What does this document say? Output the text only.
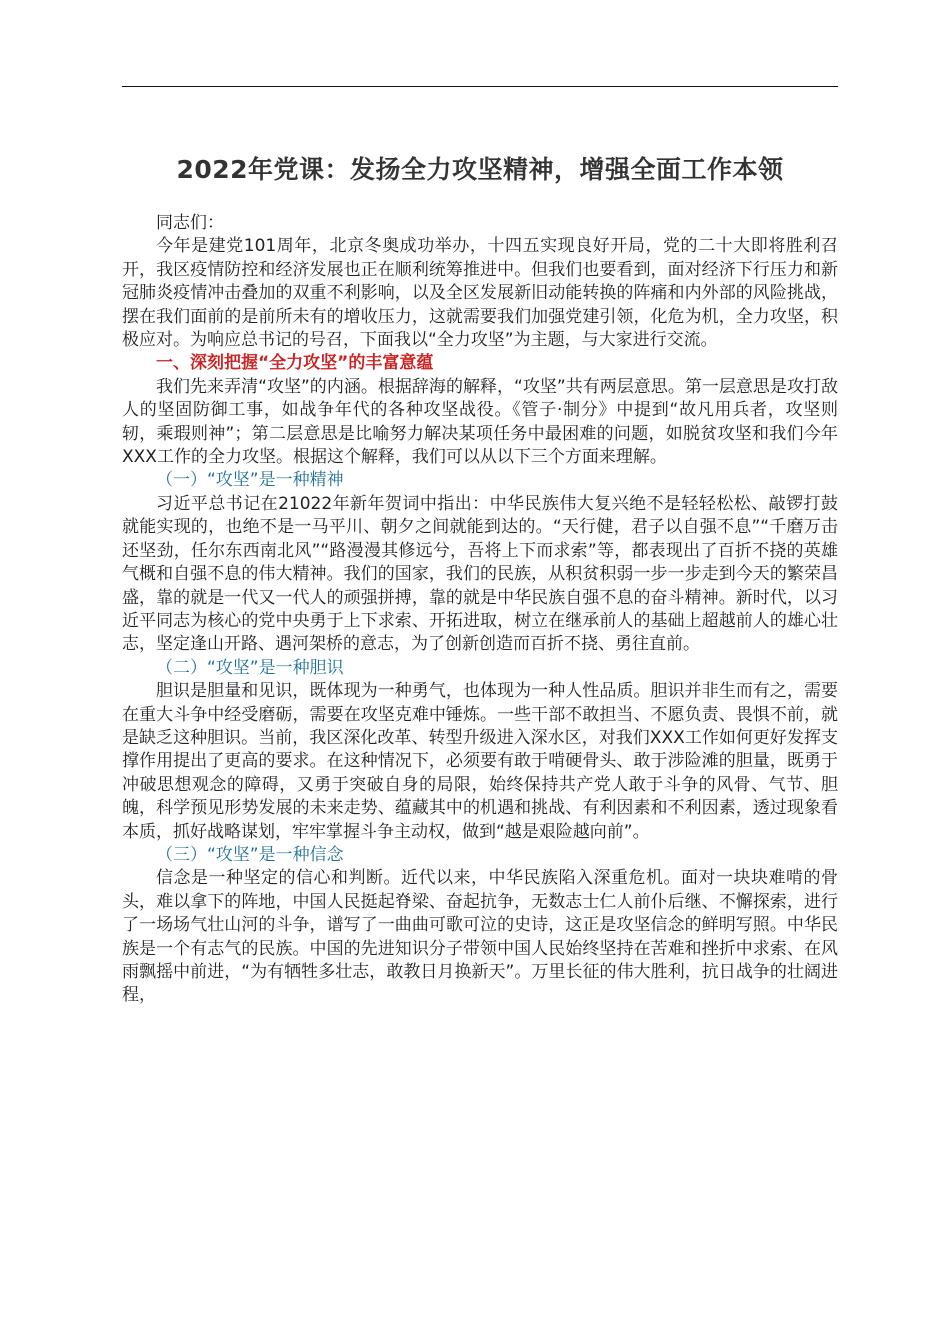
2022年党课：发扬全力攻坚精神，增强全面工作本领

同志们：

今年是建党101周年，北京冬奥成功举办，十四五实现良好开局，党的二十大即将胜利召开，我区疫情防控和经济发展也正在顺利统筹推进中。但我们也要看到，面对经济下行压力和新冠肺炎疫情冲击叠加的双重不利影响，以及全区发展新旧动能转换的阵痛和内外部的风险挑战，摆在我们面前的是前所未有的增收压力，这就需要我们加强党建引领，化危为机，全力攻坚，积极应对。为响应总书记的号召，下面我以“全力攻坚”为主题，与大家进行交流。

一、深刻把握“全力攻坚”的丰富意蕴

我们先来弄清“攻坚”的内涵。根据辞海的解释，“攻坚”共有两层意思。第一层意思是攻打敌人的坚固防御工事，如战争年代的各种攻坚战役。《管子·制分》中提到“故凡用兵者，攻坚则轫，乘瑕则神”；第二层意思是比喻努力解决某项任务中最困难的问题，如脱贫攻坚和我们今年XXX工作的全力攻坚。根据这个解释，我们可以从以下三个方面来理解。

（一）“攻坚”是一种精神

习近平总书记在21022年新年贺词中指出：中华民族伟大复兴绝不是轻轻松松、敲锣打鼓就能实现的，也绝不是一马平川、朝夕之间就能到达的。“天行健，君子以自强不息”“千磨万击还坚劲，任尔东西南北风”“路漫漫其修远兮，吾将上下而求索”等，都表现出了百折不挠的英雄气概和自强不息的伟大精神。我们的国家，我们的民族，从积贫积弱一步一步走到今天的繁荣昌盛，靠的就是一代又一代人的顽强拼搏，靠的就是中华民族自强不息的奋斗精神。新时代，以习近平同志为核心的党中央勇于上下求索、开拓进取，树立在继承前人的基础上超越前人的雄心壮志，坚定逢山开路、遇河架桥的意志，为了创新创造而百折不挠、勇往直前。

（二）“攻坚”是一种胆识

胆识是胆量和见识，既体现为一种勇气，也体现为一种人性品质。胆识并非生而有之，需要在重大斗争中经受磨砺，需要在攻坚克难中锤炼。一些干部不敢担当、不愿负责、畏惧不前，就是缺乏这种胆识。当前，我区深化改革、转型升级进入深水区，对我们XXX工作如何更好发挥支撑作用提出了更高的要求。在这种情况下，必须要有敢于啃硬骨头、敢于涉险滩的胆量，既勇于冲破思想观念的障碍，又勇于突破自身的局限，始终保持共产党人敢于斗争的风骨、气节、胆魄，科学预见形势发展的未来走势、蕴藏其中的机遇和挑战、有利因素和不利因素，透过现象看本质，抓好战略谋划，牢牢掌握斗争主动权，做到“越是艰险越向前”。

（三）“攻坚”是一种信念

信念是一种坚定的信心和判断。近代以来，中华民族陷入深重危机。面对一块块难啃的骨头，难以拿下的阵地，中国人民挺起脊梁、奋起抗争，无数志士仁人前仆后继、不懈探索，进行了一场场气壮山河的斗争，谱写了一曲曲可歌可泣的史诗，这正是攻坚信念的鲜明写照。中华民族是一个有志气的民族。中国的先进知识分子带领中国人民始终坚持在苦难和挫折中求索、在风雨飘摇中前进，“为有牺牲多壮志，敢教日月换新天”。万里长征的伟大胜利，抗日战争的壮阔进程，
